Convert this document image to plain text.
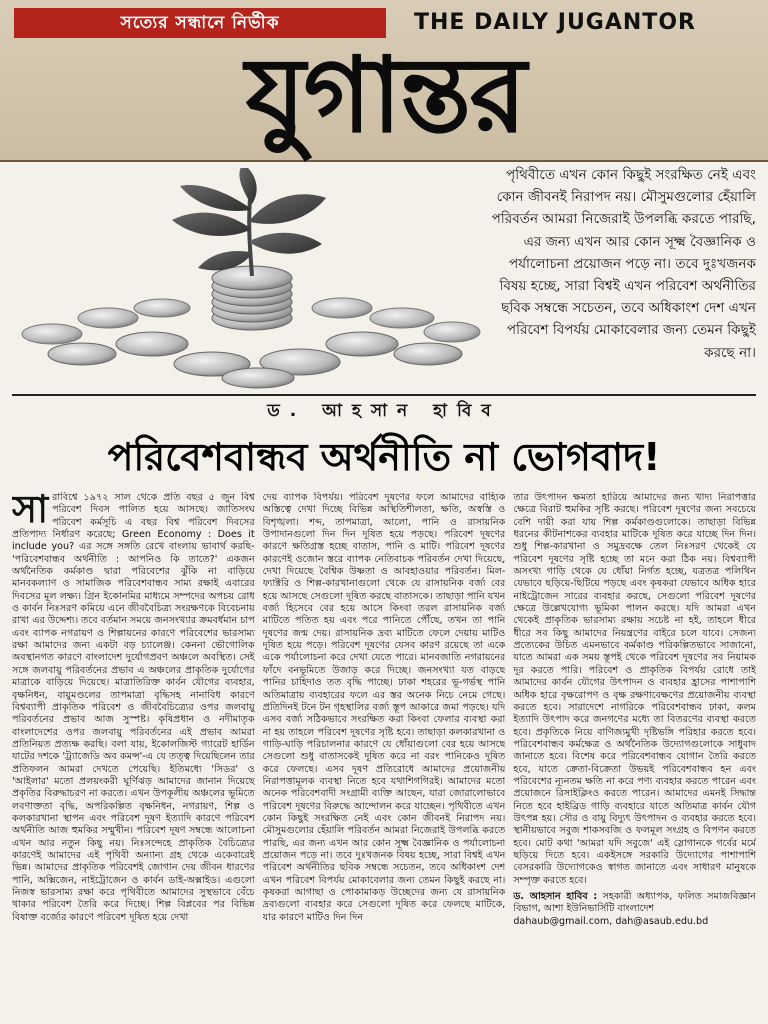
সত্যের সন্ধানে নির্ভীক	THE DAILY JUGANTOR
যুগান্তর
পৃথিবীতে এখন কোন কিছুই সংরক্ষিত নেই এবং কোন জীবনই নিরাপদ নয়। মৌসুমগুলোর হেঁয়ালি পরিবর্তন আমরা নিজেরাই উপলব্ধি করতে পারছি, এর জন্য এখন আর কোন সূক্ষ্ম বৈজ্ঞানিক ও পর্যালোচনা প্রয়োজন পড়ে না। তবে দুঃখজনক বিষয় হচ্ছে, সারা বিশ্বই এখন পরিবেশ অর্থনীতির ছবিক সম্বন্ধে সচেতন, তবে অধিকাংশ দেশ এখন পরিবেশ বিপর্যয় মোকাবেলার জন্য তেমন কিছুই করছে না।
ড. আহসান হাবিব
পরিবেশবান্ধব অর্থনীতি না ভোগবাদ!

সারাবিশ্বে ১৯৭২ সাল থেকে প্রতি বছর ৫ জুন বিশ্ব পরিবেশ দিবস পালিত হয়ে আসছে। জাতিসংঘ পরিবেশ কর্মসূচি এ বছর বিশ্ব পরিবেশ দিবসের প্রতিপাদ্য নির্ধারণ করেছে; Green Economy : Does it include you? এর সঙ্গে সঙ্গতি রেখে বাংলায় ভাবার্থ করছি- 'পরিবেশবান্ধব অর্থনীতি : আপনিও কি তাতে?' একজন অর্থনৈতিক কর্মকাণ্ড দ্বারা পরিবেশের ঝুঁকি না বাড়িয়ে মানবকল্যাণ ও সামাজিক পরিবেশবান্ধব সাম্য রক্ষাই এবারের দিবসের মূল লক্ষ্য। গ্রিন ইকোনমির মাধ্যমে সম্পদের অপচয় রোধ ও কার্বন নিঃসরণ কমিয়ে এনে জীববৈচিত্র্য সংরক্ষণকে বিবেচনায় রাখা এর উদ্দেশ্য। তবে বর্তমান সময়ে জনসংখ্যার ক্রমবর্ধমান চাপ এবং ব্যাপক নগরায়ণ ও শিল্পায়নের কারণে পরিবেশের ভারসাম্য রক্ষা আমাদের জন্য একটা বড় চ্যালেঞ্জ। কেননা ভৌগোলিক অবস্থানগত কারণে বাংলাদেশ দুর্যোগপ্রবণ অঞ্চলে অবস্থিত। সেই সঙ্গে জলবায়ু পরিবর্তনের প্রভাব এ অঞ্চলের প্রাকৃতিক দুর্যোগের মাত্রাকে বাড়িয়ে দিয়েছে। মাত্রাতিরিক্ত কার্বন যৌগের ব্যবহার, বৃক্ষনিধন, বায়ুমণ্ডলের তাপমাত্রা বৃদ্ধিসহ নানাবিধ কারণে বিশ্বব্যাপী প্রাকৃতিক পরিবেশ ও জীববৈচিত্র্যের ওপর জলবায়ু পরিবর্তনের প্রভাব আজ সুস্পষ্ট। কৃষিপ্রধান ও নদীমাতৃক বাংলাদেশের ওপর জলবায়ু পরিবর্তনের এই প্রভাব আমরা প্রতিনিয়ত প্রত্যক্ষ করছি। বলা যায়, ইকোলজিস্ট গ্যারেট হার্ডিন যাটের দশকে 'ট্র্যাজেডি অব কমন্স'-এ যে তত্ত্ব দিয়েছিলেন তার প্রতিফলন আমরা দেখতে পেয়েছি। ইতিমধ্যে 'সিডর' ও 'আইলার' মতো প্রলয়ংকরী ঘূর্ণিঝড় আমাদের জানান দিয়েছে প্রকৃতির বিরুদ্ধাচরণ না করতে। এখন উপকূলীয় অঞ্চলের ভূমিতে লবণাক্ততা বৃদ্ধি, অপরিকল্পিত বৃক্ষনিধন, নগরায়ণ, শিল্প ও কলকারখানা স্থাপন এবং পরিবেশ দূষণ ইত্যাদি কারণে পরিবেশ অর্থনীতি আজ হুমকির সম্মুখীন। পরিবেশ দূষণ সম্বন্ধে আলোচনা এখন আর নতুন কিছু নয়। নিঃসন্দেহে প্রাকৃতিক বৈচিত্র্যের কারণেই আমাদের এই পৃথিবী অন্যান্য গ্রহ থেকে একেবারেই ভিন্ন। আমাদের প্রাকৃতিক পরিবেশই জোগান দেয় জীবন ধারণের পানি, অক্সিজেন, নাইট্রোজেন ও কার্বন ডাই-অক্সাইড। এগুলো নিজস্ব ভারসাম্য রক্ষা করে পৃথিবীতে আমাদের সুস্থভাবে বেঁচে থাকার পরিবেশ তৈরি করে দিচ্ছে। শিল্প বিপ্লবের পর বিভিন্ন বিষাক্ত বর্জ্যের কারণে পরিবেশ দূষিত হয়ে দেখা

দেয় ব্যাপক বিপর্যয়। পরিবেশ দূষণের ফলে আমাদের বাহ্যিক অস্তিত্বে দেখা দিচ্ছে বিভিন্ন অস্থিতিশীলতা, ক্ষতি, অস্বস্তি ও বিশৃঙ্খলা। শব্দ, তাপমাত্রা, আলো, পানি ও রাসায়নিক উপাদানগুলো দিন দিন দূষিত হয়ে পড়ছে। পরিবেশ দূষণের কারণে ক্ষতিগ্রস্ত হচ্ছে বাতাস, পানি ও মাটি। পরিবেশ দূষণের কারণেই ওজোন স্তরে ব্যাপক নেতিবাচক পরিবর্তন দেখা দিয়েছে, দেখা দিয়েছে বৈশ্বিক উষ্ণতা ও আবহাওয়ার পরিবর্তন। মিল-ফ্যাক্টরি ও শিল্প-কারখানাগুলো থেকে যে রাসায়নিক বর্জ্য বের হয়ে আসছে সেগুলো দূষিত করছে বাতাসকে। তাছাড়া পানি যখন বর্জ্য হিসেবে বের হয়ে আসে কিংবা তরল রাসায়নিক বর্জ্য মাটিতে পতিত হয় এবং পরে পানিতে পৌঁছে, তখন তা পানি দূষণের জন্ম দেয়। রাসায়নিক দ্রব্য মাটিতে ফেলে দেয়ায় মাটিও দূষিত হয়ে পড়ে। পরিবেশ দূষণের যেসব কারণ রয়েছে তা একে একে পর্যালোচনা করে দেখা যেতে পারে। মানবজাতি নগরায়নের ফাঁদে বনভূমিতে উজাড় করে দিচ্ছে। জনসংখ্যা যত বাড়ছে পানির চাহিদাও তত বৃদ্ধি পাচ্ছে। ঢাকা শহরের ভূ-গর্ভস্থ পানি অতিমাত্রায় ব্যবহারের ফলে এর স্তর অনেক নিচে নেমে গেছে। প্রতিদিনই টনে টন গৃহস্থালির বর্জ্য স্তূপ আকারে জমা পড়ছে। যদি এসব বর্জ্য সঠিকভাবে সংরক্ষিত করা কিংবা ফেলার ব্যবস্থা করা না হয় তাহলে পরিবেশ দূষণের সৃষ্টি হবে। তাছাড়া কলকারখানা ও গাড়ি-ঘাড়ি পরিচালনার কারণে যে ধোঁয়াগুলো বের হয়ে আসছে সেগুলো শুধু বাতাসকেই দূষিত করে না বরং পানিকেও দূষিত করে ফেলছে। এসব দূষণ প্রতিরোধে আমাদের প্রয়োজনীয় নিরাপত্তামূলক ব্যবস্থা নিতে হবে যথাশিগগিরই। আমাদের মতো অনেক পরিবেশবাদী সংগ্রামী ব্যক্তি আছেন, যারা জোরালোভাবে পরিবেশ দূষণের বিরুদ্ধে আন্দোলন করে যাচ্ছেন। পৃথিবীতে এখন কোন কিছুই সংরক্ষিত নেই এবং কোন জীবনই নিরাপদ নয়। মৌসুমগুলোর হেঁয়ালি পরিবর্তন আমরা নিজেরাই উপলব্ধি করতে পারছি, এর জন্য এখন আর কোন সূক্ষ্ম বৈজ্ঞানিক ও পর্যালোচনা প্রয়োজন পড়ে না। তবে দুঃখজনক বিষয় হচ্ছে, সারা বিশ্বই এখন পরিবেশ অর্থনীতির ছবিক সম্বন্ধে সচেতন, তবে অধিকাংশ দেশ এখন পরিবেশ বিপর্যয় মোকাবেলার জন্য তেমন কিছুই করছে না। কৃষকরা আগাছা ও পোকামাকড় উচ্ছেদের জন্য যে রাসায়নিক দ্রব্যগুলো ব্যবহার করে সেগুলো দূষিত করে ফেলছে মাটিকে, যার কারণে মাটিও দিন দিন

তার উৎপাদন ক্ষমতা হারিয়ে আমাদের জন্য খাদ্য নিরাপত্তার ক্ষেত্রে বিরাট হুমকির সৃষ্টি করছে। পরিবেশ দূষণের জন্য সবচেয়ে বেশি দায়ী করা যায় শিল্প কর্মকাণ্ডগুলোকে। তাছাড়া বিভিন্ন ধরনের কীটনাশকের ব্যবহার মাটিকে দূষিত করে যাচ্ছে দিন দিন। শুধু শিল্প-কারখানা ও সমুদ্রবক্ষে তেল নিঃসরণ থেকেই যে পরিবেশ দূষণের সৃষ্টি হচ্ছে তা মনে করা ঠিক নয়। বিশ্বব্যাপী অসংখ্য গাড়ি থেকে যে ধোঁয়া নির্গত হচ্ছে, যত্রতত্র পলিথিন যেভাবে ছড়িয়ে-ছিটিয়ে পড়ছে এবং কৃষকরা যেভাবে অধিক হারে নাইট্রোজেন সারের ব্যবহার করছে, সেগুলো পরিবেশ দূষণের ক্ষেত্রে উল্লেখযোগ্য ভূমিকা পালন করছে। যদি আমরা এখন থেকেই প্রাকৃতিক ভারসাম্য রক্ষায় সচেষ্ট না হই, তাহলে ধীরে ধীরে সব কিছু আমাদের নিয়ন্ত্রণের বাইরে চলে যাবে। সেজন্য প্রত্যেকের উচিত এমনভাবে কর্মকাণ্ড পরিকল্পিতভাবে সাজানো, যাতে আমরা এক সময় স্তূপই থেকে পরিবেশ দূষণের সব নিয়ামক দূর করতে পারি। পরিবেশ ও প্রাকৃতিক বিপর্যয় রোধে তাই আমাদের কার্বন যৌগের উৎপাদন ও ব্যবহার হ্রাসের পাশাপাশি অধিক হারে বৃক্ষরোপণ ও বৃক্ষ রক্ষণাবেক্ষণের প্রয়োজনীয় ব্যবস্থা করতে হবে। সারাদেশে নাগরিকে পরিবেশবান্ধব ঢাকা, কলম ইত্যাদি উৎপাদ করে জনগণের মধ্যে তা বিতরণের ব্যবস্থা করতে হবে। প্রকৃতিকে নিয়ে বাণিজ্যমুখী দৃষ্টিভঙ্গি পরিহার করতে হবে। পরিবেশবান্ধব কর্মক্ষেত্র ও অর্থনৈতিক উদ্যোগগুলোকে সাধুবাদ জানাতে হবে। বিশেষ করে পরিবেশবান্ধব যোগান তৈরি করতে হবে, যাতে ক্রেতা-বিক্রেতা উভয়ই পরিবেশবান্ধব হন এবং পরিবেশের ন্যূনতম ক্ষতি না করে পণ্য ব্যবহার করতে পারেন এবং প্রয়োজনে রিসাইক্লিংও করতে পারেন। আমাদের এমনই সিদ্ধান্ত নিতে হবে হাইব্রিড গাড়ি ব্যবহারে যাতে অতিমাত্র কার্বন যৌগ উৎপন্ন হয়। সৌর ও বায়ু বিদ্যুৎ উৎপাদন ও ব্যবহার করতে হবে। স্থানীয়ভাবে সবুজ শাকসবজি ও ফলমূল সংগ্রহ ও বিপণন করতে হবে। মোট কথা 'আমরা যদি সবুজে' এই স্লোগানকে গর্বের মর্মে ছড়িয়ে দিতে হবে। একইসঙ্গে সরকারি উদ্যোগের পাশাপাশি বেসরকারি উদ্যোগকেও স্বাগত জানাতে এবং সাধারণ মানুষকে সম্পৃক্ত করতে হবে।

ড. আহসান হাবিব : সহকারী অধ্যাপক, ফলিত সমাজবিজ্ঞান বিভাগ, আশা ইউনিভার্সিটি বাংলাদেশ
dahaub@gmail.com, dah@asaub.edu.bd
